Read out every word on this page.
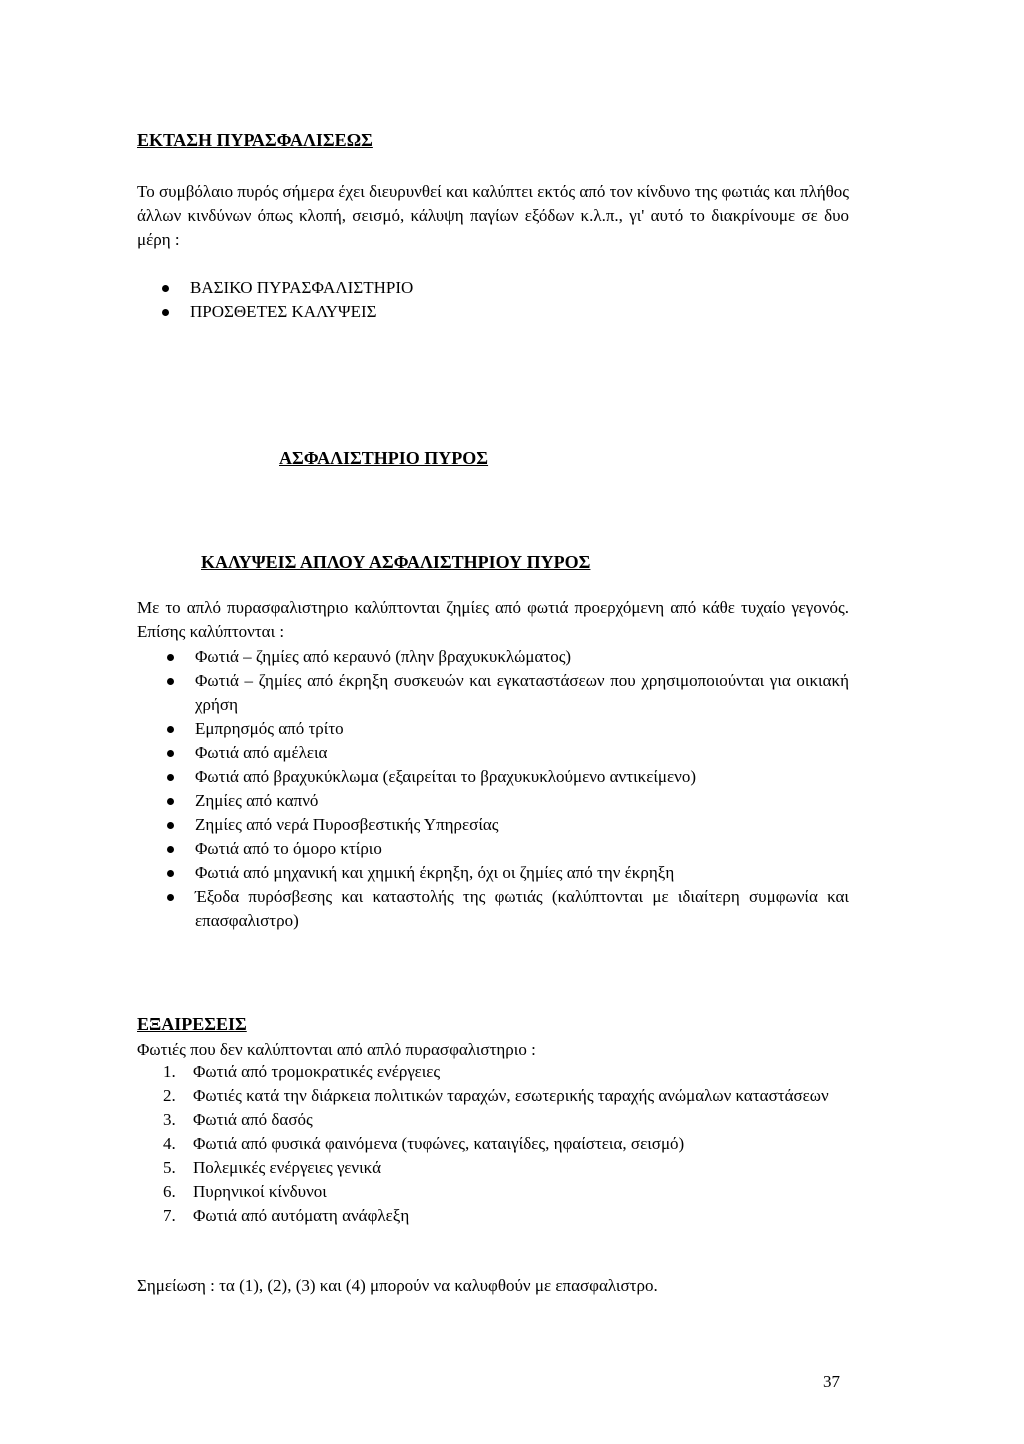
ΕΚΤΑΣΗ ΠΥΡΑΣΦΑΛΙΣΕΩΣ
Το συμβόλαιο πυρός σήμερα έχει διευρυνθεί και καλύπτει εκτός από τον κίνδυνο της φωτιάς και πλήθος άλλων κινδύνων όπως κλοπή, σεισμό, κάλυψη παγίων εξόδων κ.λ.π., γι' αυτό το διακρίνουμε σε δυο μέρη :
ΒΑΣΙΚΟ ΠΥΡΑΣΦΑΛΙΣΤΗΡΙΟ
ΠΡΟΣΘΕΤΕΣ ΚΑΛΥΨΕΙΣ
ΑΣΦΑΛΙΣΤΗΡΙΟ ΠΥΡΟΣ
ΚΑΛΥΨΕΙΣ ΑΠΛΟΥ ΑΣΦΑΛΙΣΤΗΡΙΟΥ ΠΥΡΟΣ
Με το απλό πυρασφαλιστηριο καλύπτονται ζημίες από φωτιά προερχόμενη από κάθε τυχαίο γεγονός. Επίσης καλύπτονται :
Φωτιά – ζημίες από κεραυνό (πλην βραχυκυκλώματος)
Φωτιά – ζημίες από έκρηξη συσκευών και εγκαταστάσεων που χρησιμοποιούνται για οικιακή χρήση
Εμπρησμός από τρίτο
Φωτιά από αμέλεια
Φωτιά από βραχυκύκλωμα (εξαιρείται το βραχυκυκλούμενο αντικείμενο)
Ζημίες από καπνό
Ζημίες από νερά Πυροσβεστικής Υπηρεσίας
Φωτιά από το όμορο κτίριο
Φωτιά από μηχανική και χημική έκρηξη, όχι οι ζημίες από την έκρηξη
Έξοδα πυρόσβεσης και καταστολής της φωτιάς (καλύπτονται με ιδιαίτερη συμφωνία και επασφαλιστρο)
ΕΞΑΙΡΕΣΕΙΣ
Φωτιές που δεν καλύπτονται από απλό πυρασφαλιστηριο :
1. Φωτιά από τρομοκρατικές ενέργειες
2. Φωτιές κατά την διάρκεια πολιτικών ταραχών, εσωτερικής ταραχής ανώμαλων καταστάσεων
3. Φωτιά από δασός
4. Φωτιά από φυσικά φαινόμενα (τυφώνες, καταιγίδες, ηφαίστεια, σεισμό)
5. Πολεμικές ενέργειες γενικά
6. Πυρηνικοί κίνδυνοι
7. Φωτιά από αυτόματη ανάφλεξη
Σημείωση : τα (1), (2), (3) και (4) μπορούν να καλυφθούν με επασφαλιστρο.
37
